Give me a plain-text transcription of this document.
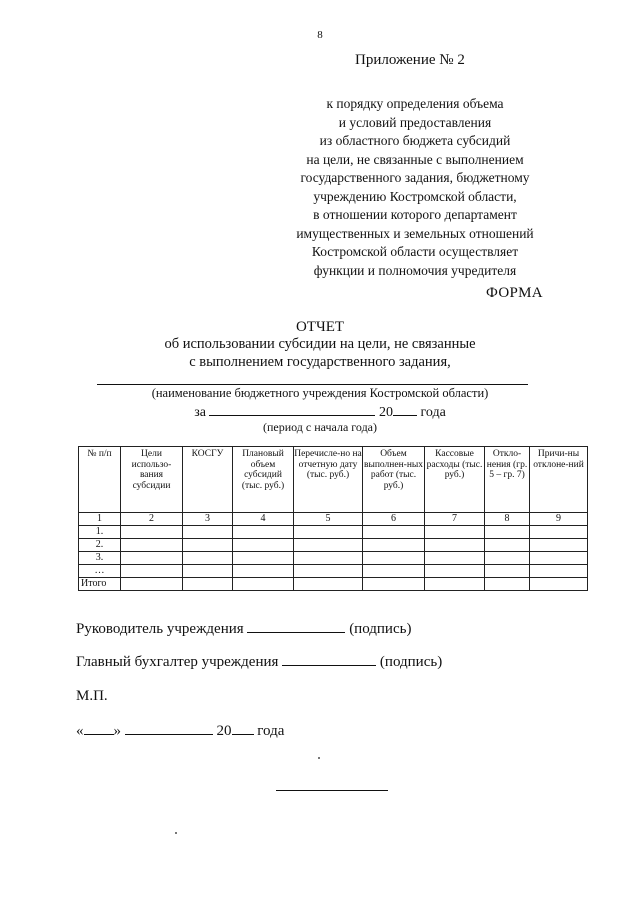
8
Приложение № 2
к порядку определения объема
и условий предоставления
из областного бюджета субсидий
на цели, не связанные с выполнением
государственного задания, бюджетному
учреждению Костромской области,
в отношении которого департамент
имущественных и земельных отношений
Костромской области осуществляет
функции и полномочия учредителя
ФОРМА
ОТЧЕТ
об использовании субсидии на цели, не связанные
с выполнением государственного задания,
(наименование бюджетного учреждения Костромской области)
за	20 года
(период с начала года)
№ п/п	Цели использо-вания субсидии	КОСГУ	Плановый объем субсидий (тыс. руб.)	Перечисле-но на отчетную дату (тыс. руб.)	Объем выполнен-ных работ (тыс. руб.)	Кассовые расходы (тыс. руб.)	Откло-нения (гр. 5 – гр. 7)	Причи-ны отклоне-ний
1	2	3	4	5	6	7	8	9
1.								
2.								
3.								
…								
Итого								
Руководитель учреждения	(подпись)
Главный бухгалтер учреждения	(подпись)
М.П.
« »	20 года
